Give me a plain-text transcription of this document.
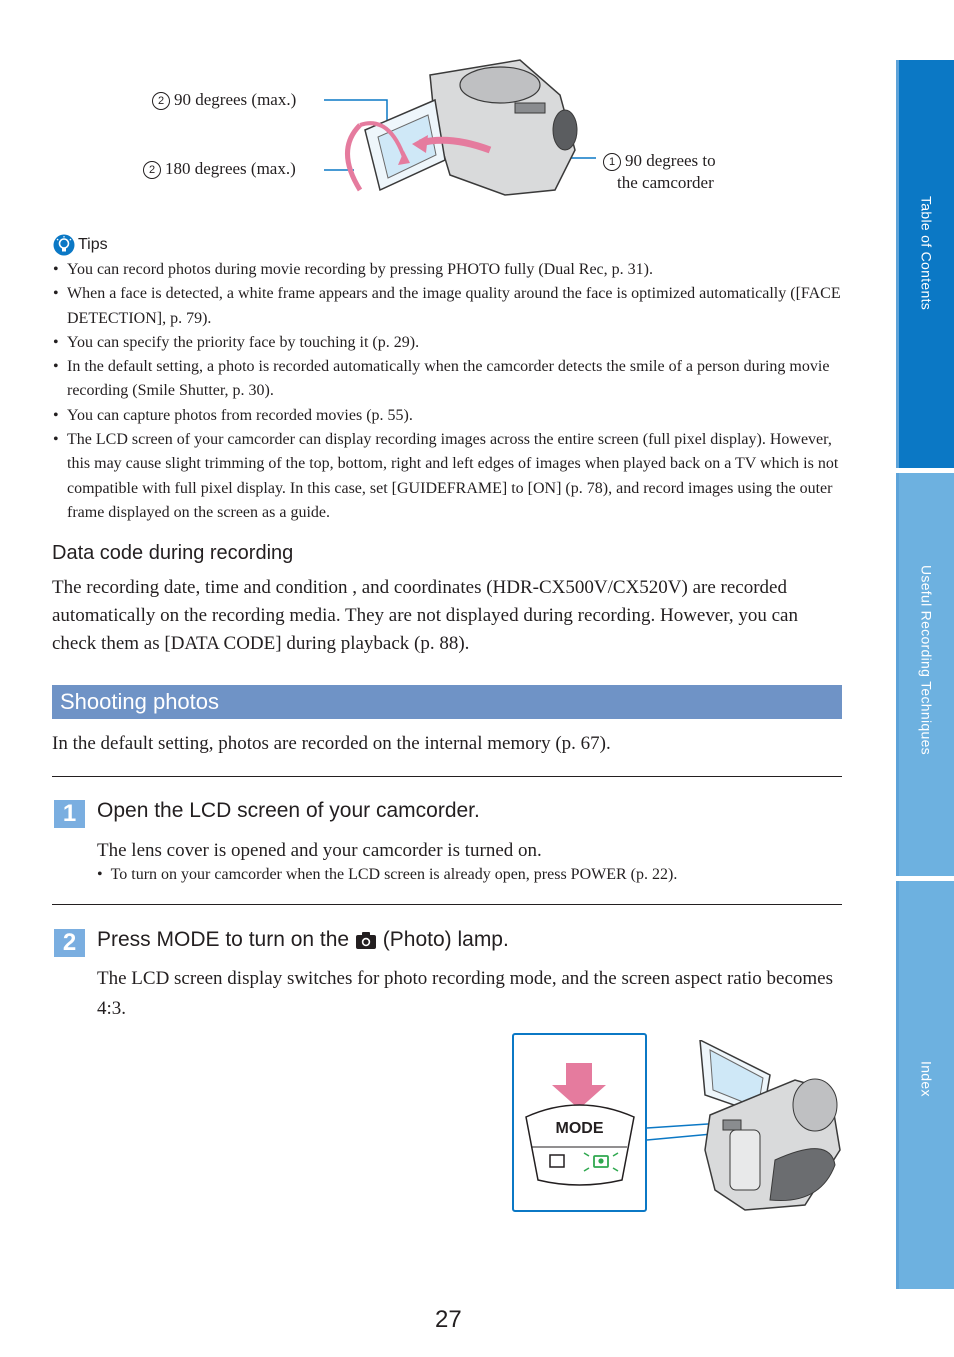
2 90 degrees (max.)
2 180 degrees (max.)	1 90 degrees to
the camcorder
Tips
• You can record photos during movie recording by pressing PHOTO fully (Dual Rec, p. 31).
• When a face is detected, a white frame appears and the image quality around the face is optimized automatically ([FACE DETECTION], p. 79).
• You can specify the priority face by touching it (p. 29).
• In the default setting, a photo is recorded automatically when the camcorder detects the smile of a person during movie recording (Smile Shutter, p. 30).
• You can capture photos from recorded movies (p. 55).
• The LCD screen of your camcorder can display recording images across the entire screen (full pixel display). However, this may cause slight trimming of the top, bottom, right and left edges of images when played back on a TV which is not compatible with full pixel display. In this case, set [GUIDEFRAME] to [ON] (p. 78), and record images using the outer frame displayed on the screen as a guide.
Data code during recording

The recording date, time and condition , and coordinates (HDR-CX500V/CX520V) are recorded automatically on the recording media. They are not displayed during recording. However, you can check them as [DATA CODE] during playback (p. 88).

Shooting photos
In the default setting, photos are recorded on the internal memory (p. 67).
1 Open the LCD screen of your camcorder.

The lens cover is opened and your camcorder is turned on.

•  To turn on your camcorder when the LCD screen is already open, press POWER (p. 22).
2 Press MODE to turn on the (Photo) lamp.

The LCD screen display switches for photo recording mode, and the screen aspect ratio becomes 4:3.

MODE
Table of Contents
Useful Recording Techniques
Index
27
